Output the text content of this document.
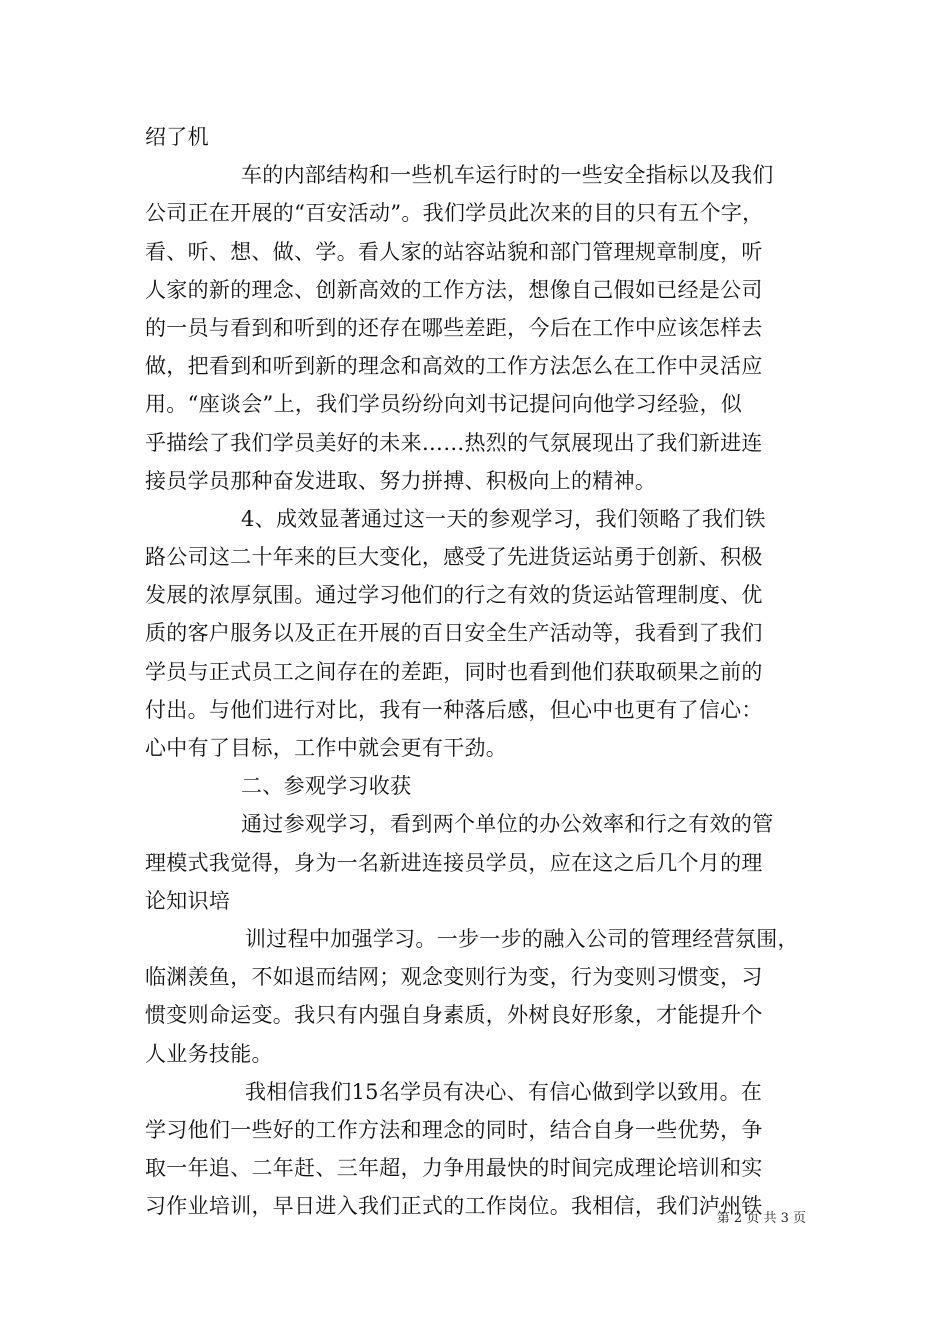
绍了机
车的内部结构和一些机车运行时的一些安全指标以及我们
公司正在开展的“百安活动”。我们学员此次来的目的只有五个字，
看、听、想、做、学。看人家的站容站貌和部门管理规章制度，听
人家的新的理念、创新高效的工作方法，想像自己假如已经是公司
的一员与看到和听到的还存在哪些差距，今后在工作中应该怎样去
做，把看到和听到新的理念和高效的工作方法怎么在工作中灵活应
用。“座谈会”上，我们学员纷纷向刘书记提问向他学习经验，似
乎描绘了我们学员美好的未来……热烈的气氛展现出了我们新进连
接员学员那种奋发进取、努力拼搏、积极向上的精神。
4、成效显著通过这一天的参观学习，我们领略了我们铁
路公司这二十年来的巨大变化，感受了先进货运站勇于创新、积极
发展的浓厚氛围。通过学习他们的行之有效的货运站管理制度、优
质的客户服务以及正在开展的百日安全生产活动等，我看到了我们
学员与正式员工之间存在的差距，同时也看到他们获取硕果之前的
付出。与他们进行对比，我有一种落后感，但心中也更有了信心：
心中有了目标，工作中就会更有干劲。
二、参观学习收获
通过参观学习，看到两个单位的办公效率和行之有效的管
理模式我觉得，身为一名新进连接员学员，应在这之后几个月的理
论知识培
训过程中加强学习。一步一步的融入公司的管理经营氛围，
临渊羡鱼，不如退而结网；观念变则行为变，行为变则习惯变，习
惯变则命运变。我只有内强自身素质，外树良好形象，才能提升个
人业务技能。
我相信我们15名学员有决心、有信心做到学以致用。在
学习他们一些好的工作方法和理念的同时，结合自身一些优势，争
取一年追、二年赶、三年超，力争用最快的时间完成理论培训和实
习作业培训，早日进入我们正式的工作岗位。我相信，我们泸州铁
第 2 页 共 3 页
